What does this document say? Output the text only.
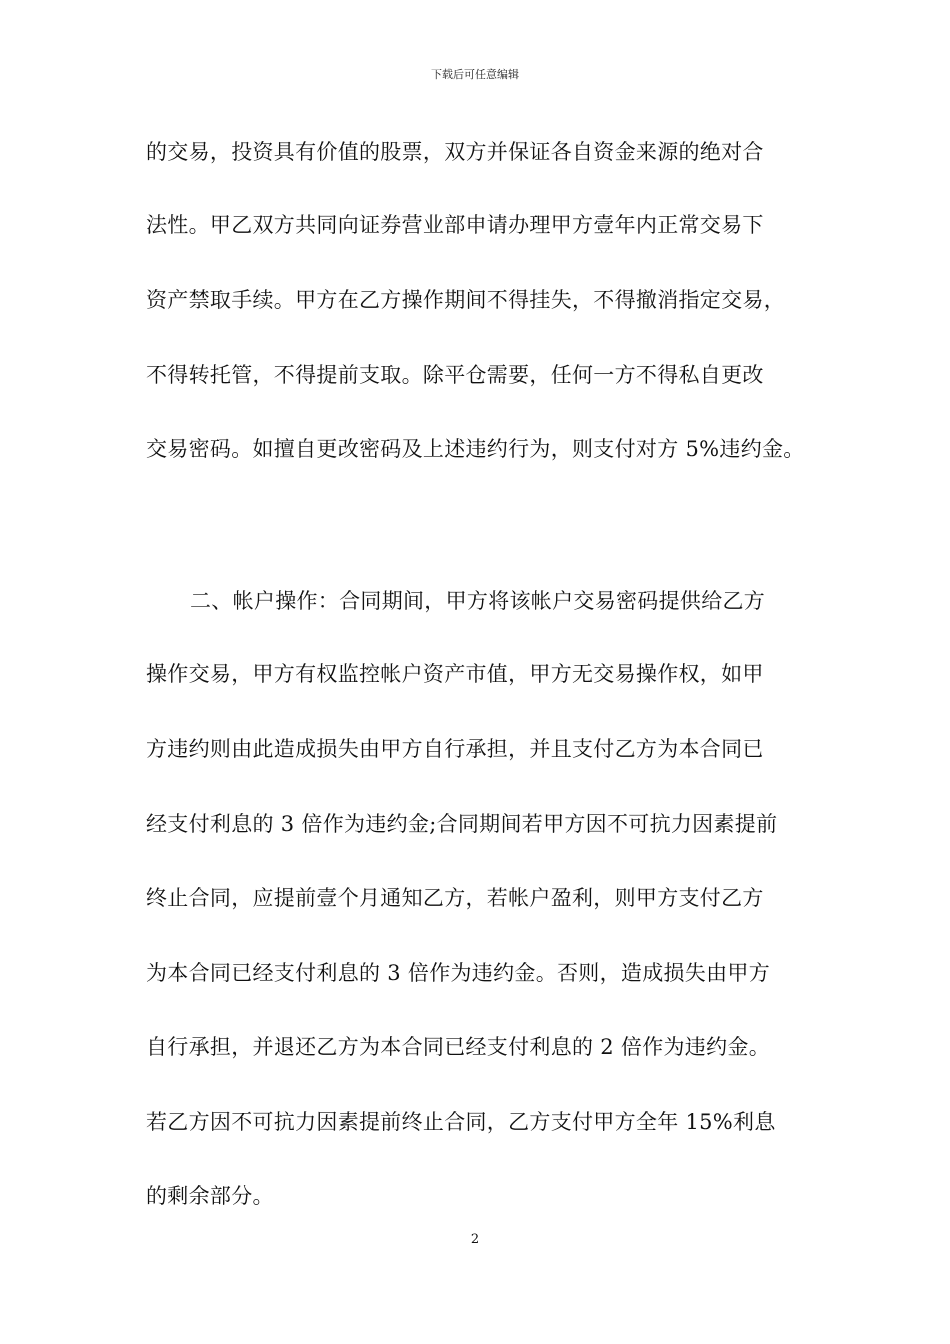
下载后可任意编辑
的交易，投资具有价值的股票，双方并保证各自资金来源的绝对合
法性。甲乙双方共同向证券营业部申请办理甲方壹年内正常交易下
资产禁取手续。甲方在乙方操作期间不得挂失，不得撤消指定交易，
不得转托管，不得提前支取。除平仓需要，任何一方不得私自更改
交易密码。如擅自更改密码及上述违约行为，则支付对方 5%违约金。
二、帐户操作：合同期间，甲方将该帐户交易密码提供给乙方
操作交易，甲方有权监控帐户资产市值，甲方无交易操作权，如甲
方违约则由此造成损失由甲方自行承担，并且支付乙方为本合同已
经支付利息的 3 倍作为违约金;合同期间若甲方因不可抗力因素提前
终止合同，应提前壹个月通知乙方，若帐户盈利，则甲方支付乙方
为本合同已经支付利息的 3 倍作为违约金。否则，造成损失由甲方
自行承担，并退还乙方为本合同已经支付利息的 2 倍作为违约金。
若乙方因不可抗力因素提前终止合同，乙方支付甲方全年 15%利息
的剩余部分。
2
